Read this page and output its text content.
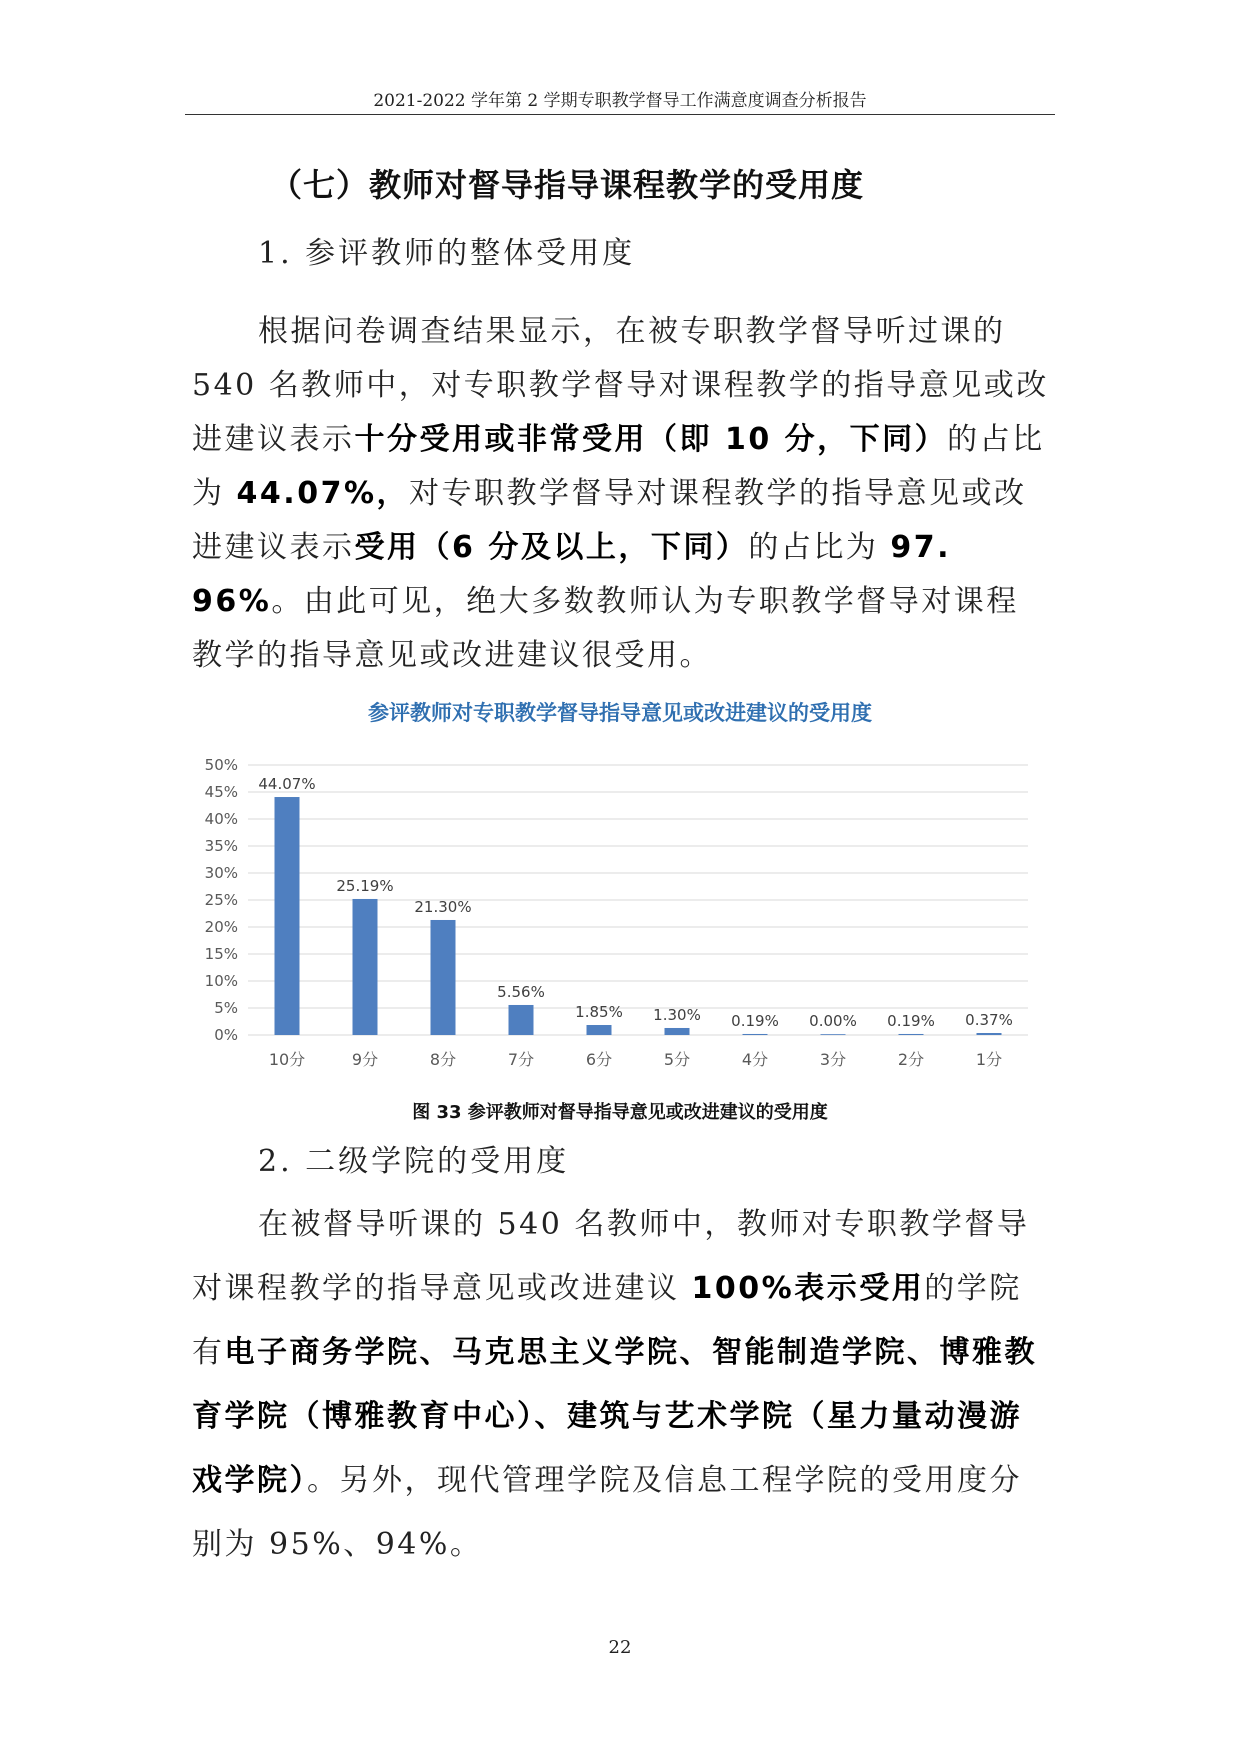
2021-2022 学年第 2 学期专职教学督导工作满意度调查分析报告
（七）教师对督导指导课程教学的受用度
1. 参评教师的整体受用度

根据问卷调查结果显示，在被专职教学督导听过课的 540 名教师中，对专职教学督导对课程教学的指导意见或改进建议表示十分受用或非常受用（即 10 分，下同）的占比为 44.07%，对专职教学督导对课程教学的指导意见或改进建议表示受用（6 分及以上，下同）的占比为 97. 96%。由此可见，绝大多数教师认为专职教学督导对课程教学的指导意见或改进建议很受用。

参评教师对专职教学督导指导意见或改进建议的受用度
0%
5%
10%
15%
20%
25%
30%
35%
40%
45%
50%
44.07%
10分
25.19%
9分
21.30%
8分
5.56%
7分
1.85%
6分
1.30%
5分
0.19%
4分
0.00%
3分
0.19%
2分
0.37%
1分
图 33 参评教师对督导指导意见或改进建议的受用度
2. 二级学院的受用度

在被督导听课的 540 名教师中，教师对专职教学督导对课程教学的指导意见或改进建议 100%表示受用的学院有电子商务学院、马克思主义学院、智能制造学院、博雅教育学院（博雅教育中心）、建筑与艺术学院（星力量动漫游戏学院）。另外，现代管理学院及信息工程学院的受用度分别为 95%、94%。

22
